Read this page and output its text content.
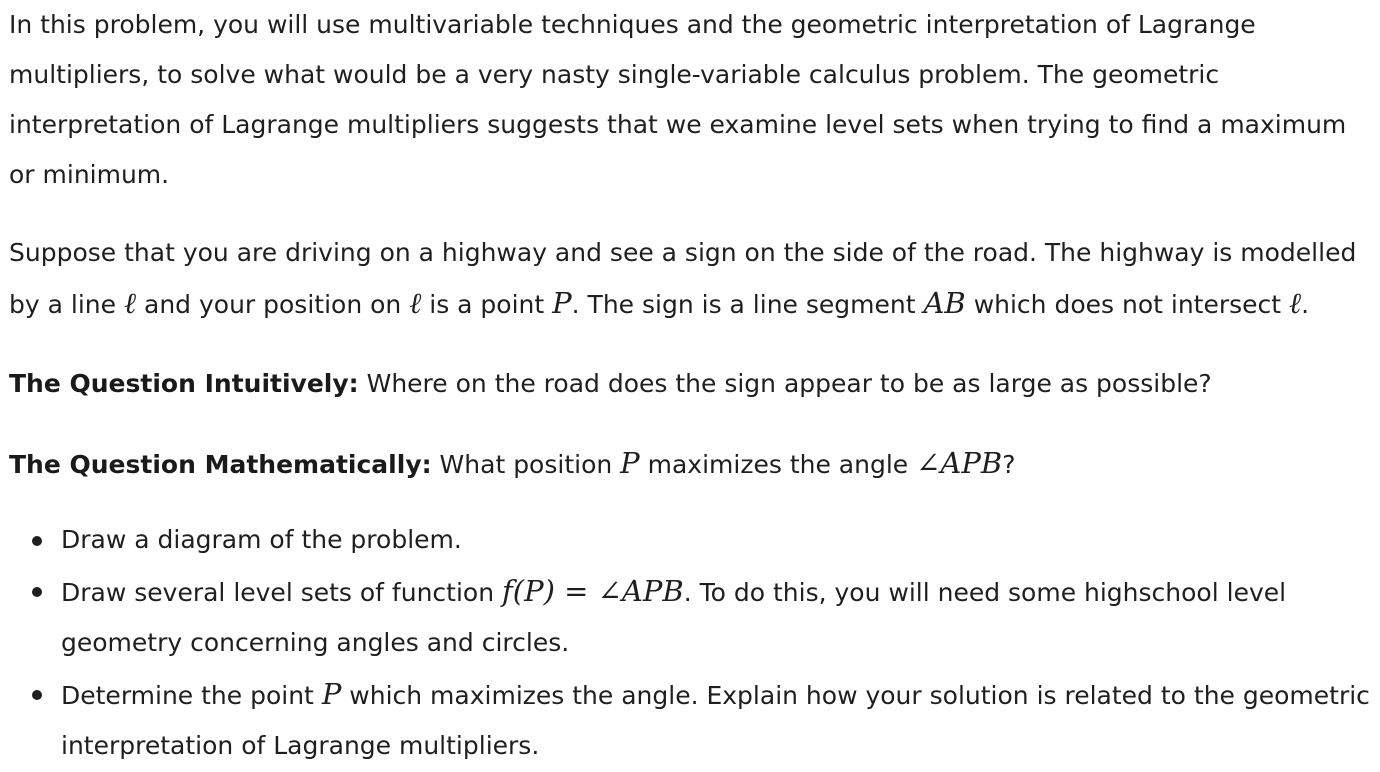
In this problem, you will use multivariable techniques and the geometric interpretation of Lagrange multipliers, to solve what would be a very nasty single-variable calculus problem. The geometric interpretation of Lagrange multipliers suggests that we examine level sets when trying to find a maximum or minimum.

Suppose that you are driving on a highway and see a sign on the side of the road. The highway is modelled by a line ℓ and your position on ℓ is a point P. The sign is a line segment AB which does not intersect ℓ.

The Question Intuitively: Where on the road does the sign appear to be as large as possible?

The Question Mathematically: What position P maximizes the angle ∠APB?

Draw a diagram of the problem.
Draw several level sets of function f(P) = ∠APB. To do this, you will need some highschool level geometry concerning angles and circles.
Determine the point P which maximizes the angle. Explain how your solution is related to the geometric interpretation of Lagrange multipliers.
